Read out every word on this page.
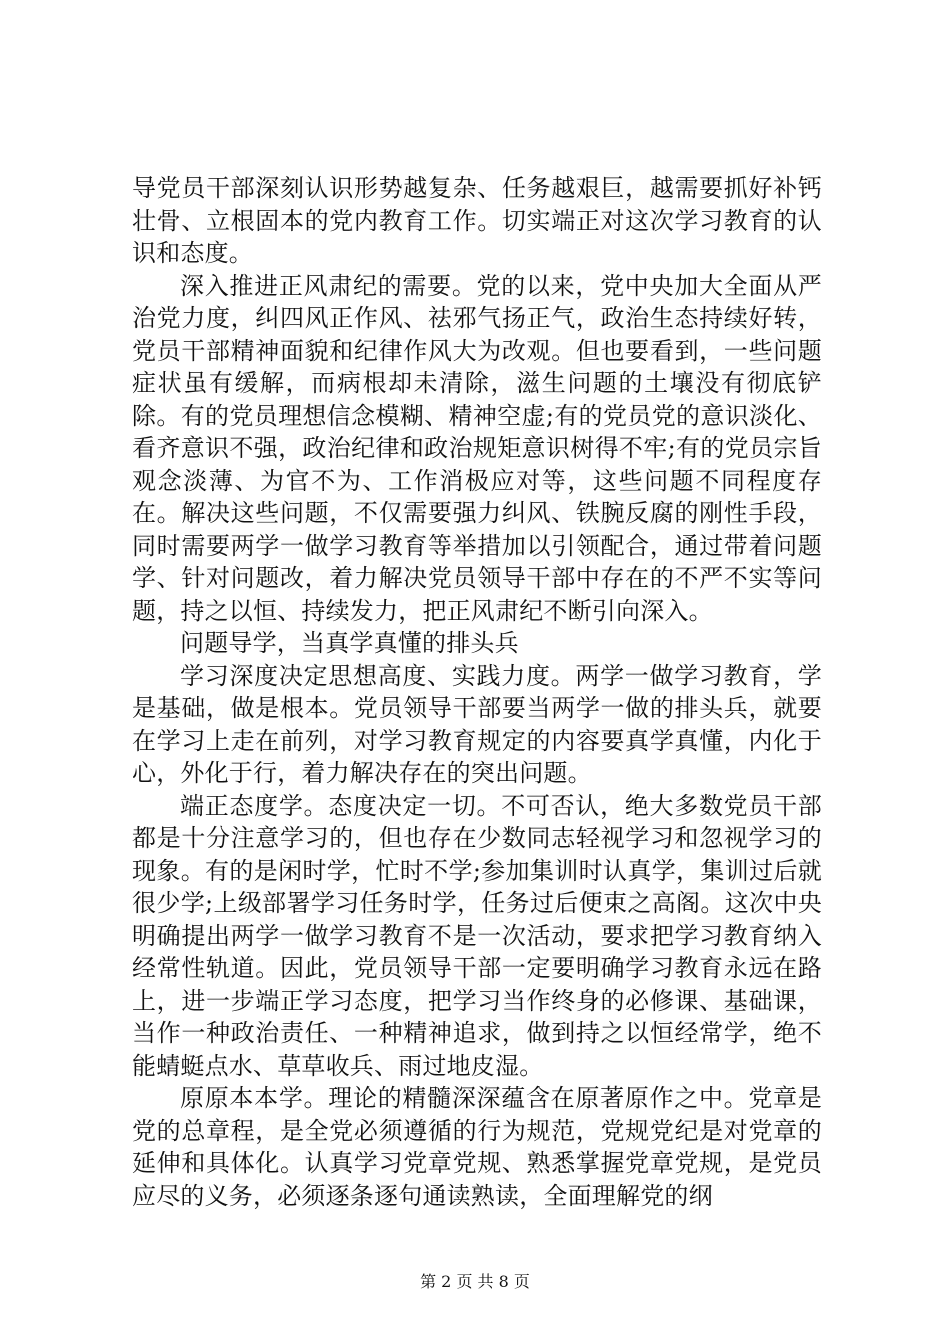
导党员干部深刻认识形势越复杂、任务越艰巨，越需要抓好补钙壮骨、立根固本的党内教育工作。切实端正对这次学习教育的认识和态度。

深入推进正风肃纪的需要。党的以来，党中央加大全面从严治党力度，纠四风正作风、祛邪气扬正气，政治生态持续好转，党员干部精神面貌和纪律作风大为改观。但也要看到，一些问题症状虽有缓解，而病根却未清除，滋生问题的土壤没有彻底铲除。有的党员理想信念模糊、精神空虚;有的党员党的意识淡化、看齐意识不强，政治纪律和政治规矩意识树得不牢;有的党员宗旨观念淡薄、为官不为、工作消极应对等，这些问题不同程度存在。解决这些问题，不仅需要强力纠风、铁腕反腐的刚性手段，同时需要两学一做学习教育等举措加以引领配合，通过带着问题学、针对问题改，着力解决党员领导干部中存在的不严不实等问题，持之以恒、持续发力，把正风肃纪不断引向深入。

问题导学，当真学真懂的排头兵

学习深度决定思想高度、实践力度。两学一做学习教育，学是基础，做是根本。党员领导干部要当两学一做的排头兵，就要在学习上走在前列，对学习教育规定的内容要真学真懂，内化于心，外化于行，着力解决存在的突出问题。

端正态度学。态度决定一切。不可否认，绝大多数党员干部都是十分注意学习的，但也存在少数同志轻视学习和忽视学习的现象。有的是闲时学，忙时不学;参加集训时认真学，集训过后就很少学;上级部署学习任务时学，任务过后便束之高阁。这次中央明确提出两学一做学习教育不是一次活动，要求把学习教育纳入经常性轨道。因此，党员领导干部一定要明确学习教育永远在路上，进一步端正学习态度，把学习当作终身的必修课、基础课，当作一种政治责任、一种精神追求，做到持之以恒经常学，绝不能蜻蜓点水、草草收兵、雨过地皮湿。

原原本本学。理论的精髓深深蕴含在原著原作之中。党章是党的总章程，是全党必须遵循的行为规范，党规党纪是对党章的延伸和具体化。认真学习党章党规、熟悉掌握党章党规，是党员应尽的义务，必须逐条逐句通读熟读，全面理解党的纲

第 2 页 共 8 页
